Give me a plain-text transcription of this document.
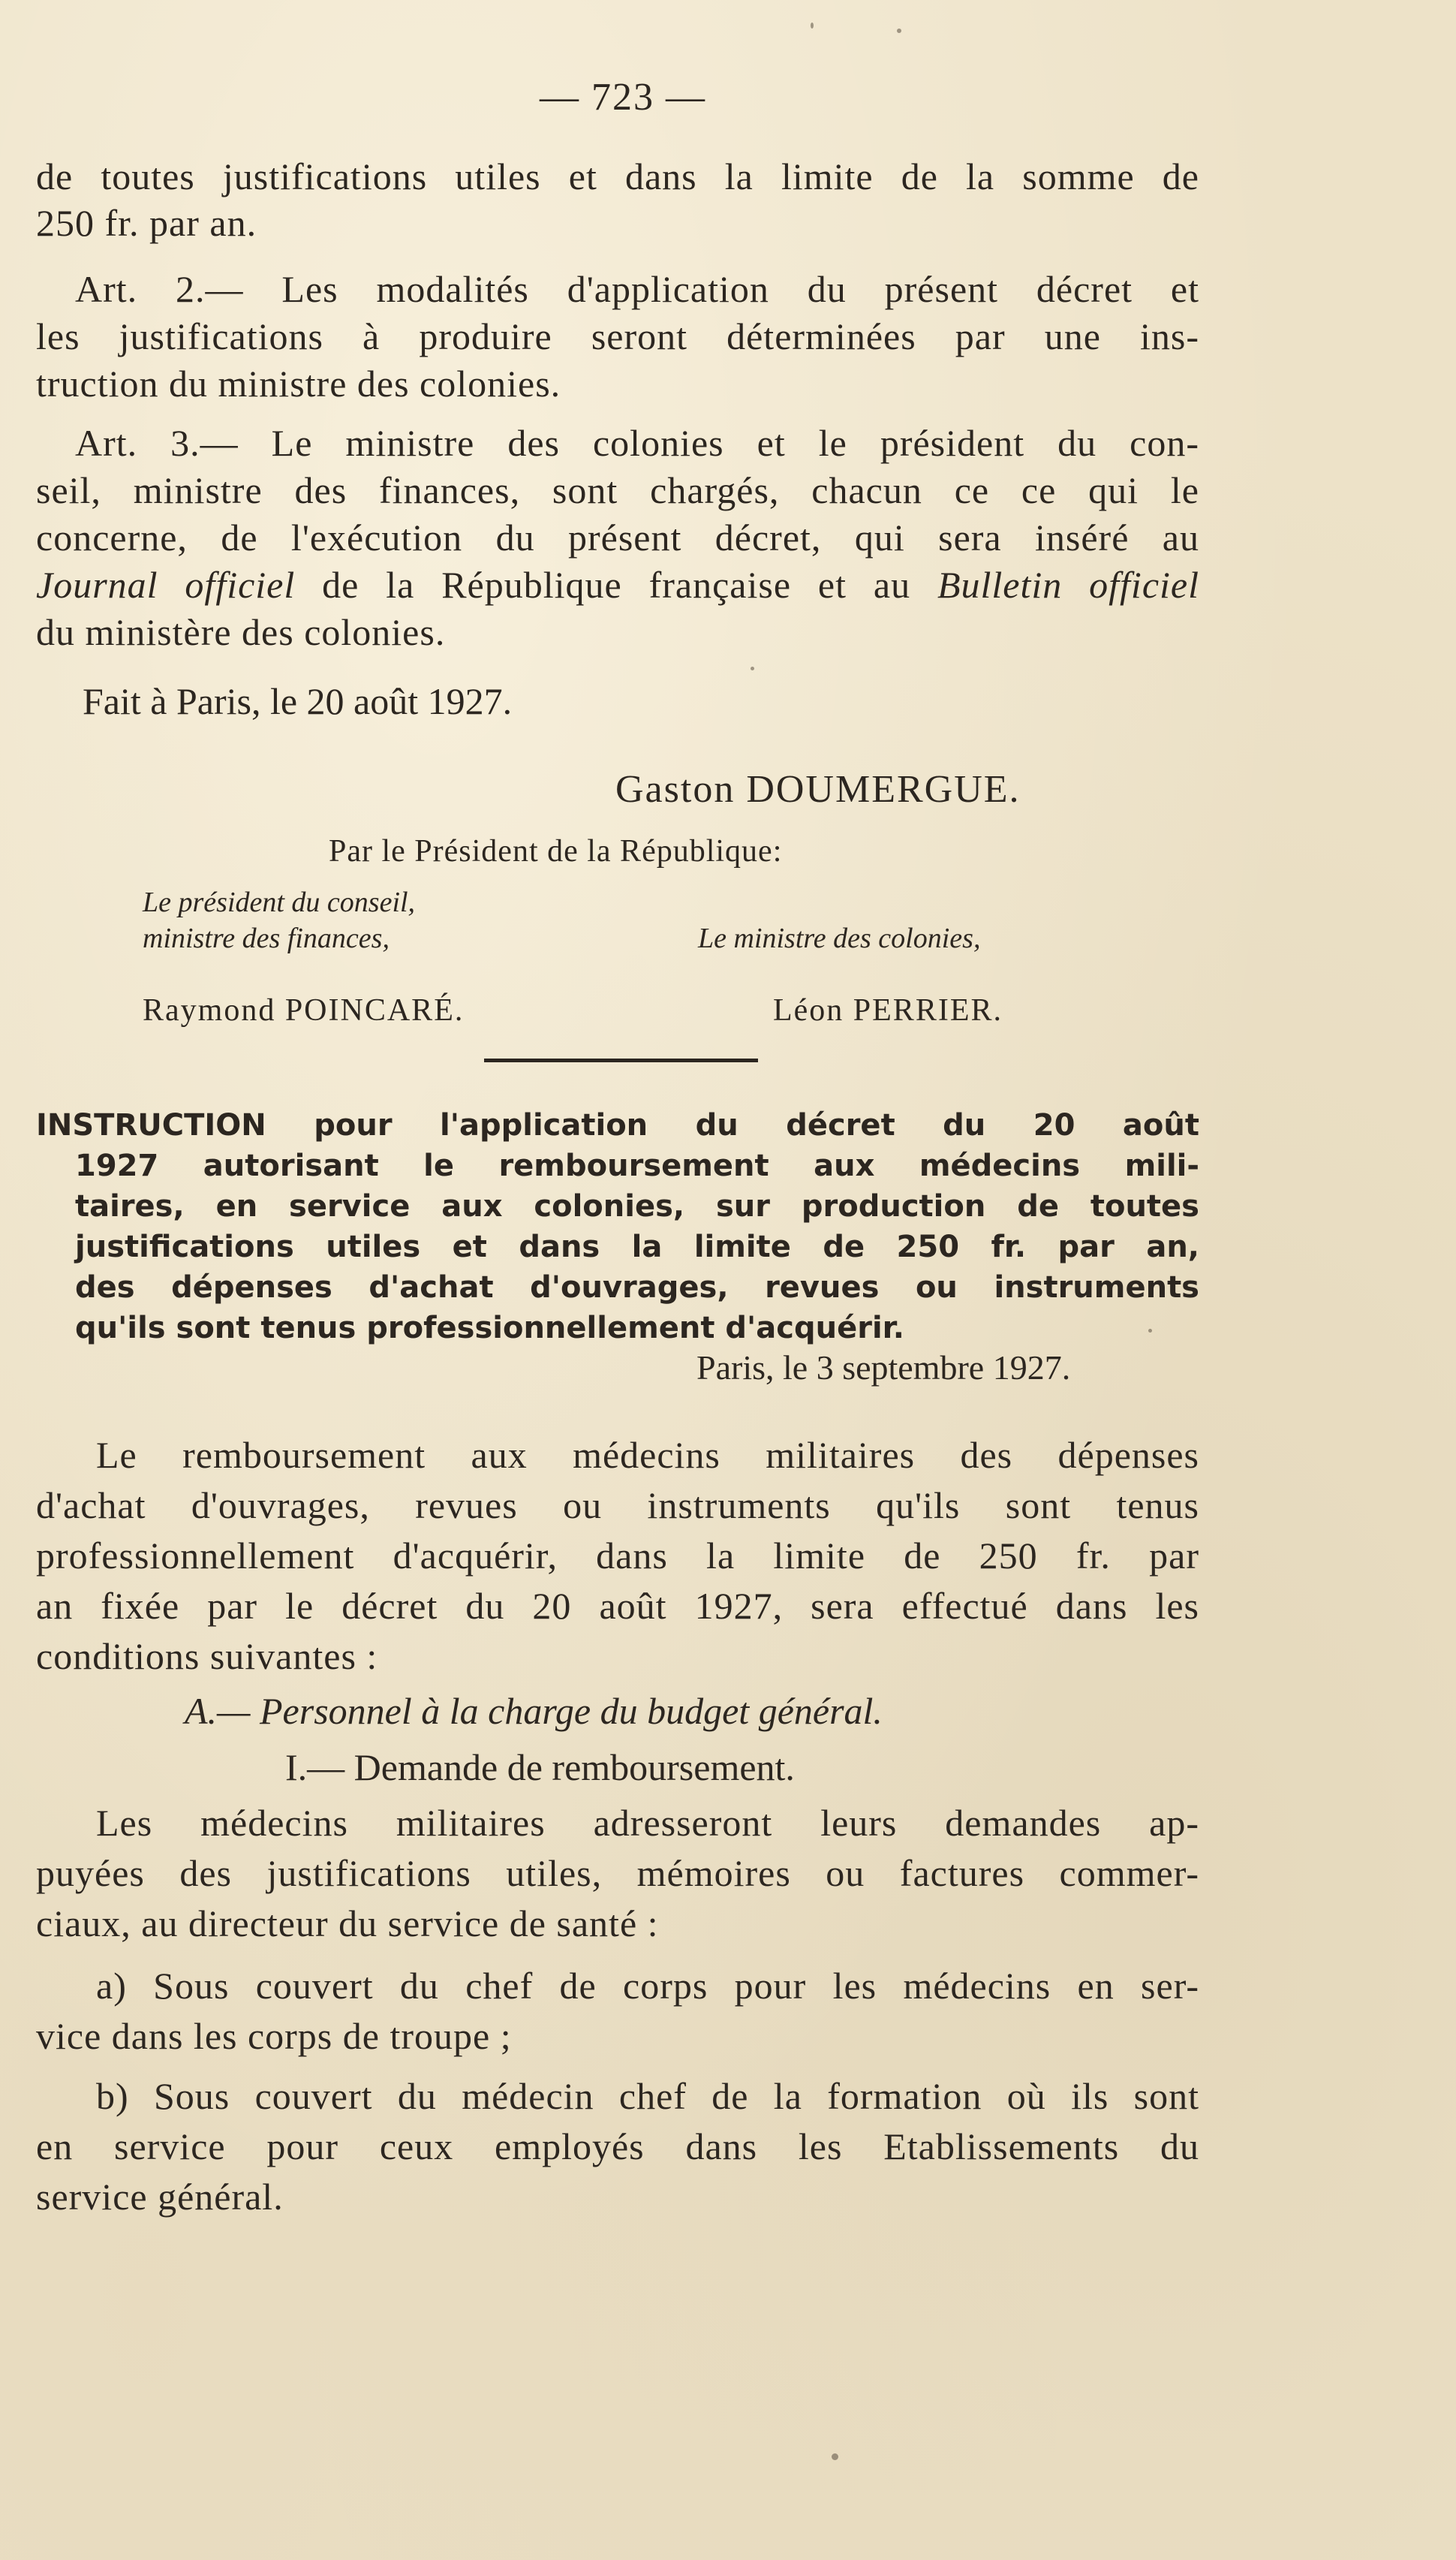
— 723 —
de toutes justifications utiles et dans la limite de la somme de
250 fr. par an.
Art. 2.— Les modalités d'application du présent décret et
les justifications à produire seront déterminées par une ins-
truction du ministre des colonies.
Art. 3.— Le ministre des colonies et le président du con-
seil, ministre des finances, sont chargés, chacun ce ce qui le
concerne, de l'exécution du présent décret, qui sera inséré au
Journal officiel de la République française et au Bulletin officiel
du ministère des colonies.
Fait à Paris, le 20 août 1927.
Gaston DOUMERGUE.
Par le Président de la République:
Le président du conseil,
ministre des finances,	Le ministre des colonies,
Raymond POINCARÉ.	Léon PERRIER.
INSTRUCTION pour l'application du décret du 20 août
1927 autorisant le remboursement aux médecins mili-
taires, en service aux colonies, sur production de toutes
justifications utiles et dans la limite de 250 fr. par an,
des dépenses d'achat d'ouvrages, revues ou instruments
qu'ils sont tenus professionnellement d'acquérir.
Paris, le 3 septembre 1927.
Le remboursement aux médecins militaires des dépenses
d'achat d'ouvrages, revues ou instruments qu'ils sont tenus
professionnellement d'acquérir, dans la limite de 250 fr. par
an fixée par le décret du 20 août 1927, sera effectué dans les
conditions suivantes :
A.— Personnel à la charge du budget général.
I.— Demande de remboursement.
Les médecins militaires adresseront leurs demandes ap-
puyées des justifications utiles, mémoires ou factures commer-
ciaux, au directeur du service de santé :
a) Sous couvert du chef de corps pour les médecins en ser-
vice dans les corps de troupe ;
b) Sous couvert du médecin chef de la formation où ils sont
en service pour ceux employés dans les Etablissements du
service général.
